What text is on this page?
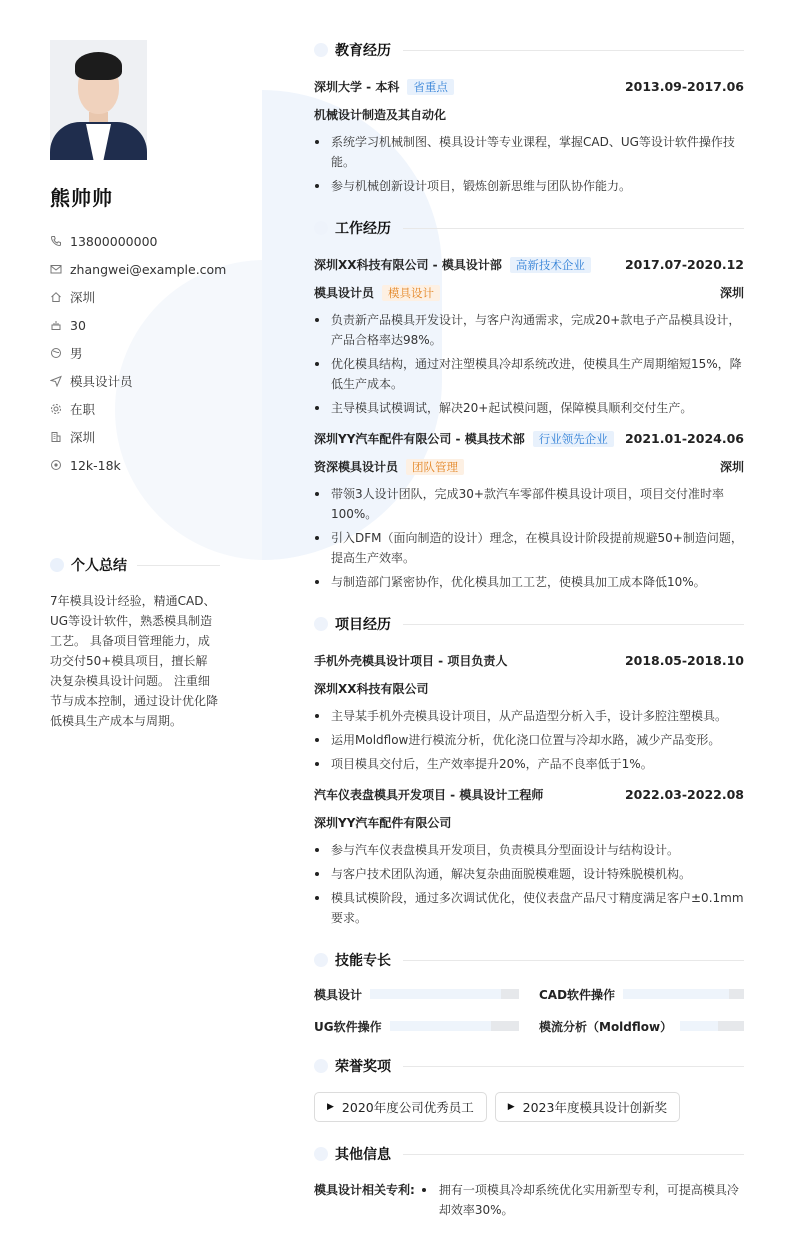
熊帅帅
13800000000
zhangwei@example.com
深圳
30
男
模具设计员
在职
深圳
12k-18k
个人总结

7年模具设计经验，精通CAD、UG等设计软件，熟悉模具制造工艺。 具备项目管理能力，成功交付50+模具项目，擅长解决复杂模具设计问题。 注重细节与成本控制，通过设计优化降低模具生产成本与周期。

教育经历
深圳大学 - 本科 省重点	2013.09-2017.06
机械设计制造及其自动化
系统学习机械制图、模具设计等专业课程，掌握CAD、UG等设计软件操作技能。
参与机械创新设计项目，锻炼创新思维与团队协作能力。
工作经历
深圳XX科技有限公司 - 模具设计部 高新技术企业	2017.07-2020.12
模具设计员 模具设计	深圳
负责新产品模具开发设计，与客户沟通需求，完成20+款电子产品模具设计，产品合格率达98%。
优化模具结构，通过对注塑模具冷却系统改进，使模具生产周期缩短15%，降低生产成本。
主导模具试模调试，解决20+起试模问题，保障模具顺利交付生产。
深圳YY汽车配件有限公司 - 模具技术部 行业领先企业	2021.01-2024.06
资深模具设计员 团队管理	深圳
带领3人设计团队，完成30+款汽车零部件模具设计项目，项目交付准时率100%。
引入DFM（面向制造的设计）理念，在模具设计阶段提前规避50+制造问题，提高生产效率。
与制造部门紧密协作，优化模具加工工艺，使模具加工成本降低10%。
项目经历
手机外壳模具设计项目 - 项目负责人	2018.05-2018.10
深圳XX科技有限公司
主导某手机外壳模具设计项目，从产品造型分析入手，设计多腔注塑模具。
运用Moldflow进行模流分析，优化浇口位置与冷却水路，减少产品变形。
项目模具交付后，生产效率提升20%，产品不良率低于1%。
汽车仪表盘模具开发项目 - 模具设计工程师	2022.03-2022.08
深圳YY汽车配件有限公司
参与汽车仪表盘模具开发项目，负责模具分型面设计与结构设计。
与客户技术团队沟通，解决复杂曲面脱模难题，设计特殊脱模机构。
模具试模阶段，通过多次调试优化，使仪表盘产品尺寸精度满足客户±0.1mm要求。
技能专长
模具设计	CAD软件操作
UG软件操作	模流分析（Moldflow）
荣誉奖项
▶ 2020年度公司优秀员工	▶ 2023年度模具设计创新奖
其他信息
模具设计相关专利:	拥有一项模具冷却系统优化实用新型专利，可提高模具冷却效率30%。
